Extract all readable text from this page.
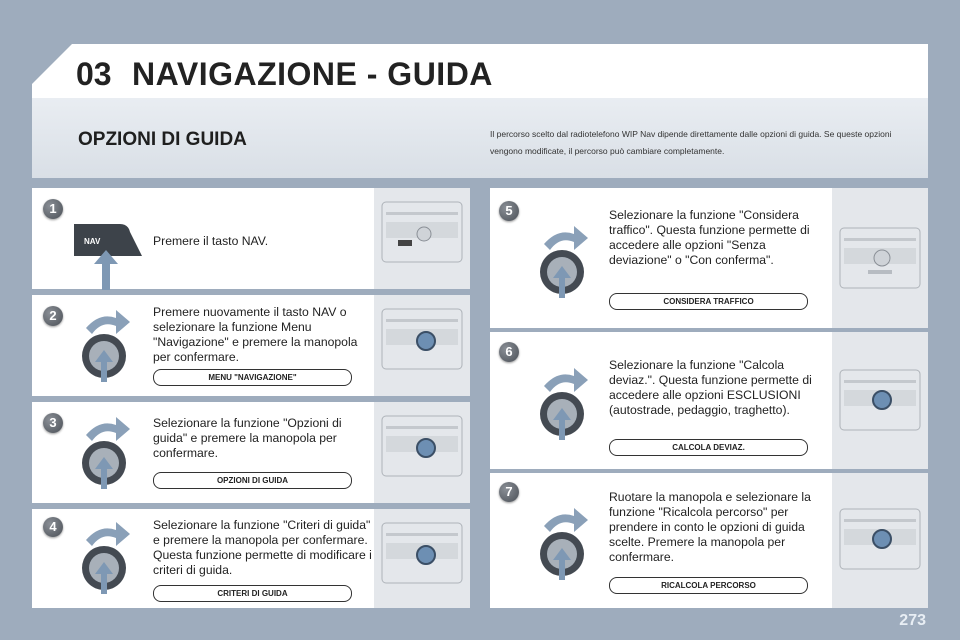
03 NAVIGAZIONE - GUIDA
OPZIONI DI GUIDA	Il percorso scelto dal radiotelefono WIP Nav dipende direttamente dalle opzioni di guida. Se queste opzioni vengono modificate, il percorso può cambiare completamente.
1
NAV	Premere il tasto NAV.
2	Premere nuovamente il tasto NAV o selezionare la funzione Menu "Navigazione" e premere la manopola per confermare.
MENU "NAVIGAZIONE"
3	Selezionare la funzione "Opzioni di guida" e premere la manopola per confermare.
OPZIONI DI GUIDA
4	Selezionare la funzione "Criteri di guida" e premere la manopola per confermare. Questa funzione permette di modificare i criteri di guida.
CRITERI DI GUIDA
5	Selezionare la funzione "Considera traffico". Questa funzione permette di accedere alle opzioni "Senza deviazione" o "Con conferma".
CONSIDERA TRAFFICO
6
Selezionare la funzione "Calcola deviaz.". Questa funzione permette di accedere alle opzioni ESCLUSIONI (autostrade, pedaggio, traghetto).
CALCOLA DEVIAZ.
7	Ruotare la manopola e selezionare la funzione "Ricalcola percorso" per prendere in conto le opzioni di guida scelte. Premere la manopola per confermare.
RICALCOLA PERCORSO
273
